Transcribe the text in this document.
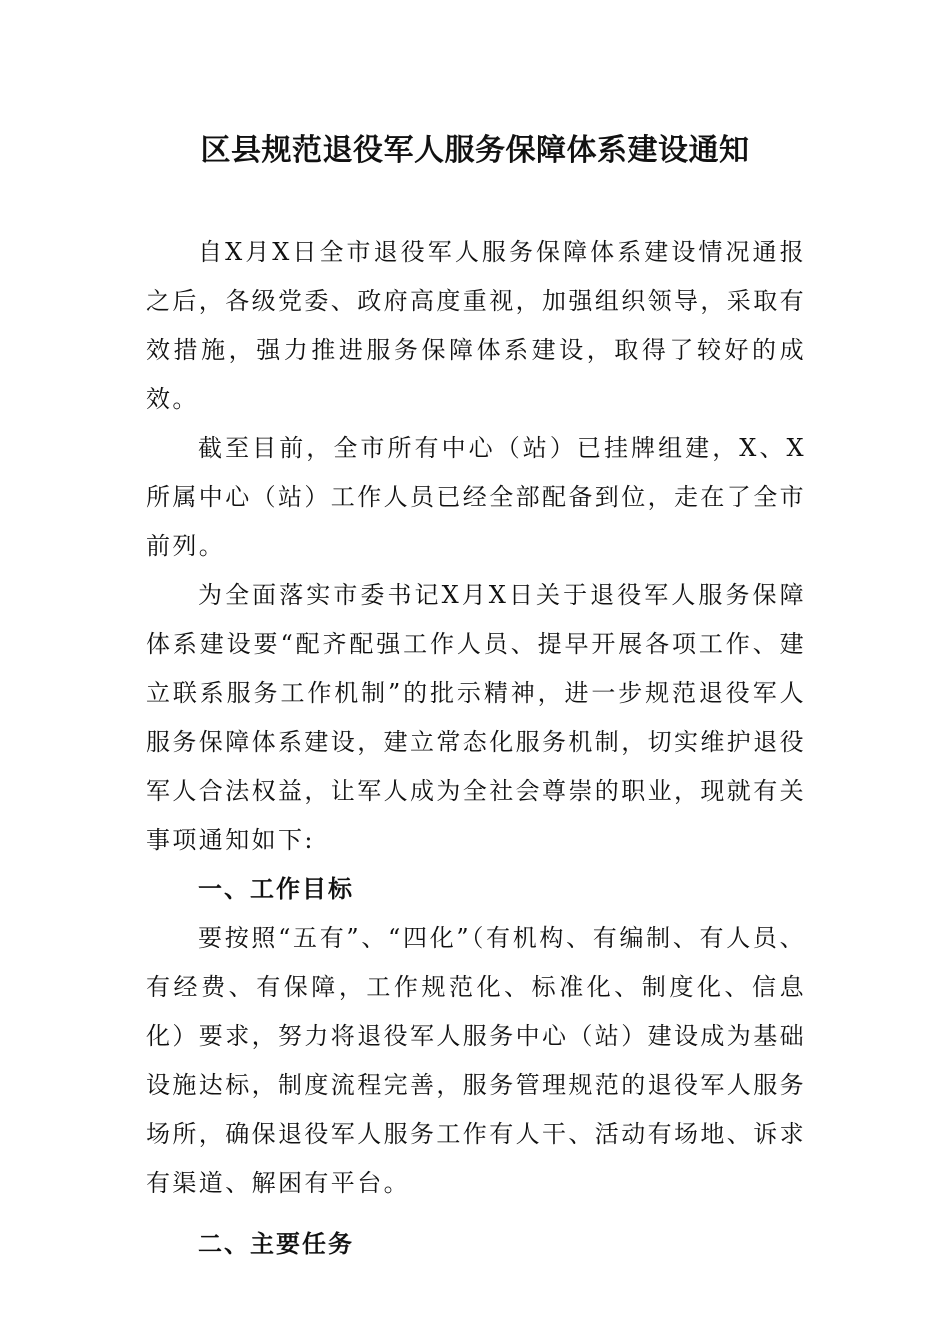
区县规范退役军人服务保障体系建设通知

自X月X日全市退役军人服务保障体系建设情况通报之后，各级党委、政府高度重视，加强组织领导，采取有效措施，强力推进服务保障体系建设，取得了较好的成效。

截至目前，全市所有中心（站）已挂牌组建，X、X所属中心（站）工作人员已经全部配备到位，走在了全市前列。

为全面落实市委书记X月X日关于退役军人服务保障体系建设要“配齐配强工作人员、提早开展各项工作、建立联系服务工作机制”的批示精神，进一步规范退役军人服务保障体系建设，建立常态化服务机制，切实维护退役军人合法权益，让军人成为全社会尊崇的职业，现就有关事项通知如下:

一、工作目标

要按照“五有”、“四化”（有机构、有编制、有人员、有经费、有保障，工作规范化、标准化、制度化、信息化）要求，努力将退役军人服务中心（站）建设成为基础设施达标，制度流程完善，服务管理规范的退役军人服务场所，确保退役军人服务工作有人干、活动有场地、诉求有渠道、解困有平台。

二、主要任务
